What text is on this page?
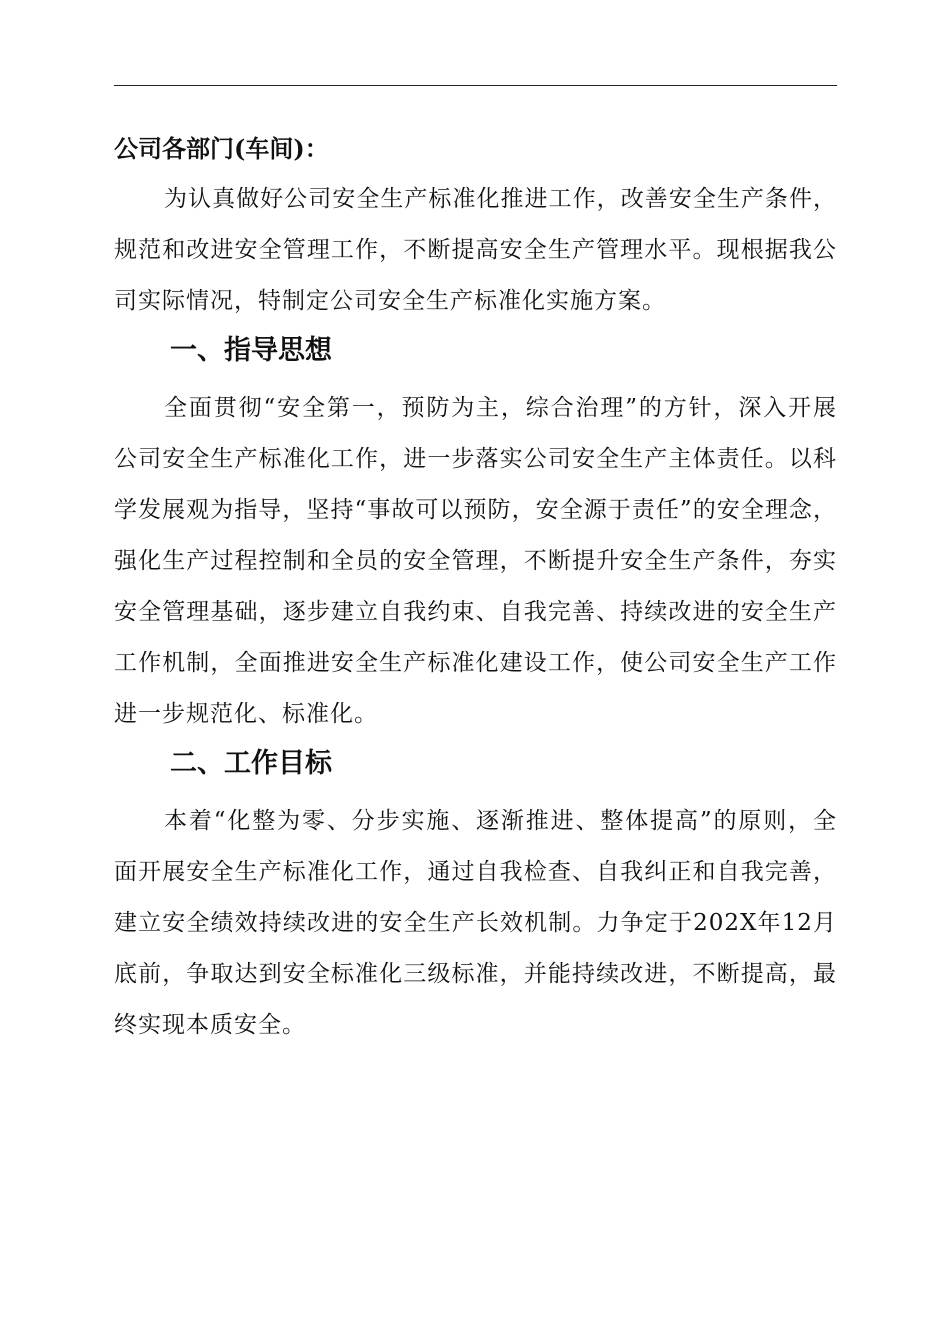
公司各部门(车间)：

为认真做好公司安全生产标准化推进工作，改善安全生产条件，规范和改进安全管理工作，不断提高安全生产管理水平。现根据我公司实际情况，特制定公司安全生产标准化实施方案。

一、指导思想

全面贯彻“安全第一，预防为主，综合治理”的方针，深入开展公司安全生产标准化工作，进一步落实公司安全生产主体责任。以科学发展观为指导，坚持“事故可以预防，安全源于责任”的安全理念，强化生产过程控制和全员的安全管理，不断提升安全生产条件，夯实安全管理基础，逐步建立自我约束、自我完善、持续改进的安全生产工作机制，全面推进安全生产标准化建设工作，使公司安全生产工作进一步规范化、标准化。

二、工作目标

本着“化整为零、分步实施、逐渐推进、整体提高”的原则，全面开展安全生产标准化工作，通过自我检查、自我纠正和自我完善，建立安全绩效持续改进的安全生产长效机制。力争定于202X年12月底前，争取达到安全标准化三级标准，并能持续改进，不断提高，最终实现本质安全。
